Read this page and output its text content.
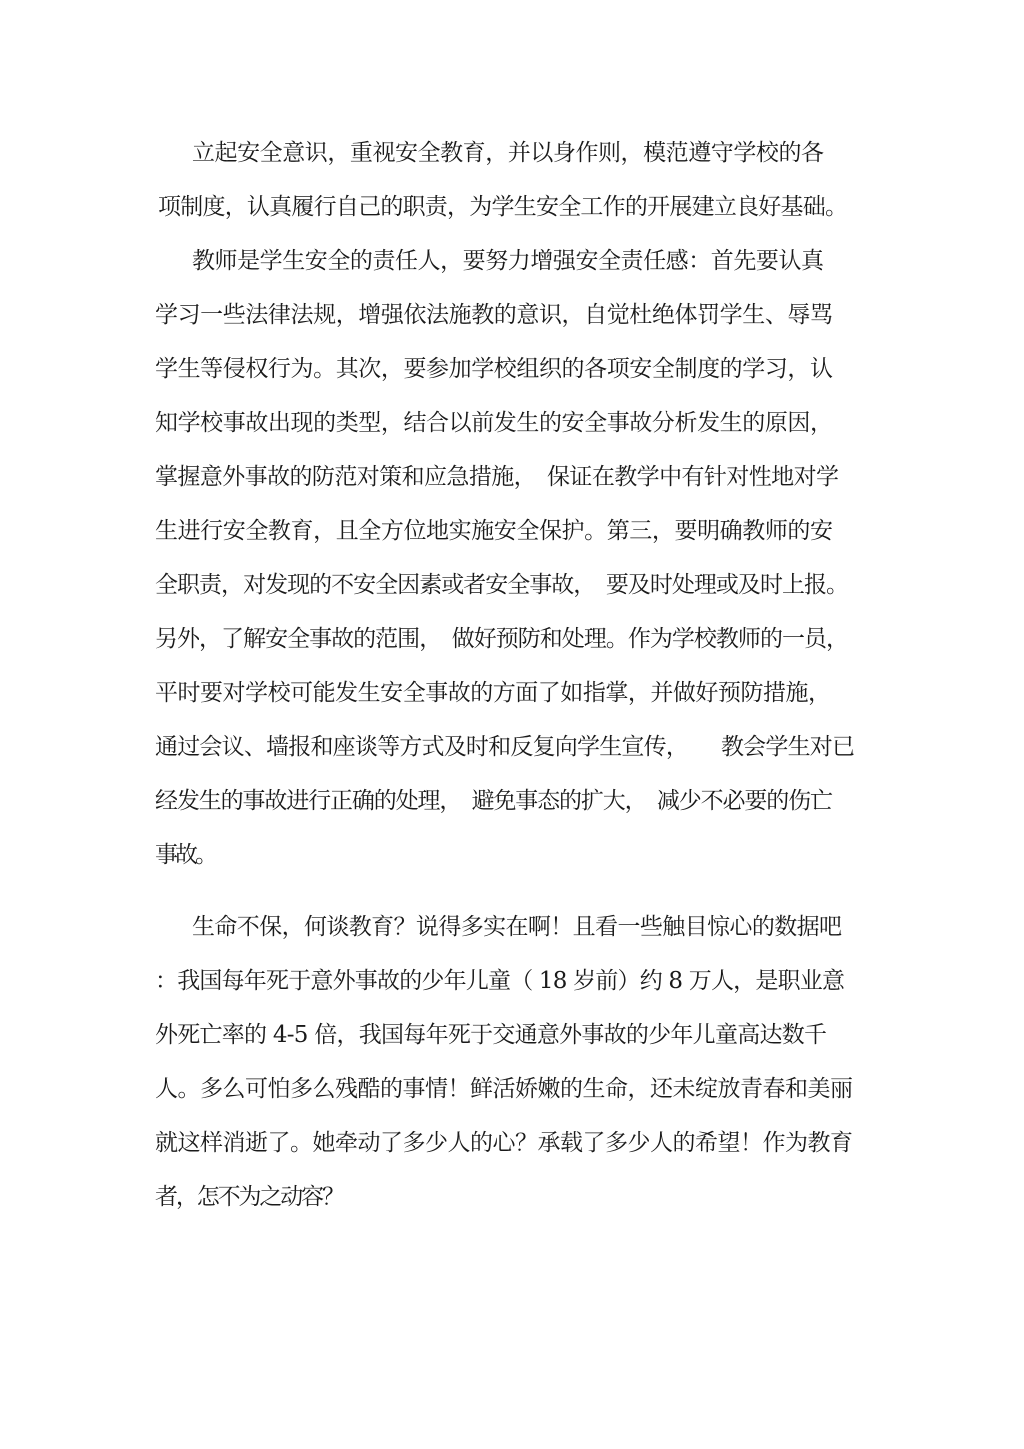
立起安全意识，重视安全教育，并以身作则，模范遵守学校的各
项制度，认真履行自己的职责，为学生安全工作的开展建立良好基础。
教师是学生安全的责任人，要努力增强安全责任感：首先要认真
学习一些法律法规，增强依法施教的意识，自觉杜绝体罚学生、辱骂
学生等侵权行为。其次，要参加学校组织的各项安全制度的学习，认
知学校事故出现的类型，结合以前发生的安全事故分析发生的原因，
掌握意外事故的防范对策和应急措施，　保证在教学中有针对性地对学
生进行安全教育，且全方位地实施安全保护。第三，要明确教师的安
全职责，对发现的不安全因素或者安全事故，　要及时处理或及时上报。
另外，了解安全事故的范围，　做好预防和处理。作为学校教师的一员，
平时要对学校可能发生安全事故的方面了如指掌，并做好预防措施，
通过会议、墙报和座谈等方式及时和反复向学生宣传，　　教会学生对已
经发生的事故进行正确的处理，　避免事态的扩大，　减少不必要的伤亡
事故。
生命不保，何谈教育？说得多实在啊！且看一些触目惊心的数据吧
：我国每年死于意外事故的少年儿童（ 18 岁前）约 8 万人，是职业意
外死亡率的 4-5 倍，我国每年死于交通意外事故的少年儿童高达数千
人。多么可怕多么残酷的事情！鲜活娇嫩的生命，还未绽放青春和美丽
就这样消逝了。她牵动了多少人的心？承载了多少人的希望！作为教育
者，怎不为之动容？
